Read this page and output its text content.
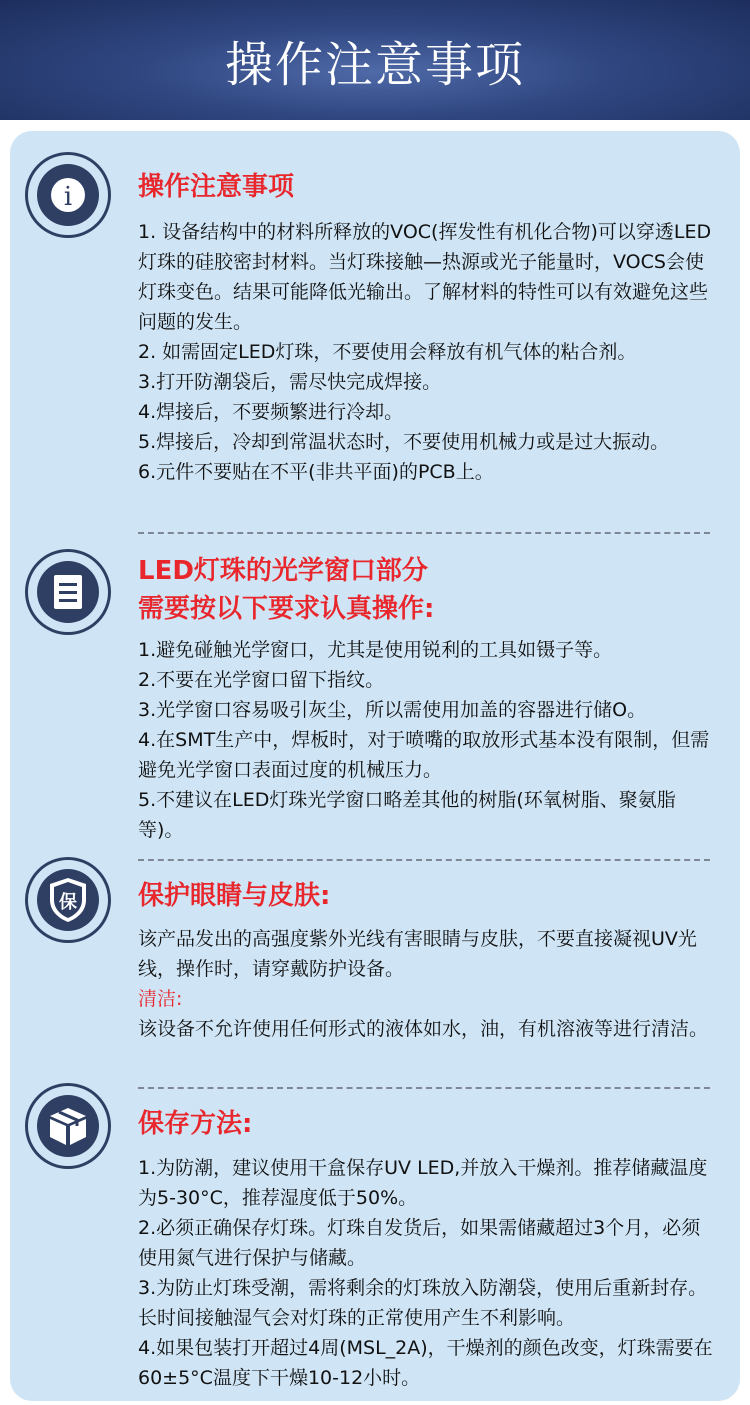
操作注意事项
i	操作注意事项

1. 设备结构中的材料所释放的VOC(挥发性有机化合物)可以穿透LED灯珠的硅胶密封材料。当灯珠接触—热源或光子能量时，VOCS会使灯珠变色。结果可能降低光输出。了解材料的特性可以有效避免这些问题的发生。

2. 如需固定LED灯珠，不要使用会释放有机气体的粘合剂。

3.打开防潮袋后，需尽快完成焊接。

4.焊接后，不要频繁进行冷却。

5.焊接后，冷却到常温状态时，不要使用机械力或是过大振动。

6.元件不要贴在不平(非共平面)的PCB上。

LED灯珠的光学窗口部分
需要按以下要求认真操作:

1.避免碰触光学窗口，尤其是使用锐利的工具如镊子等。

2.不要在光学窗口留下指纹。

3.光学窗口容易吸引灰尘，所以需使用加盖的容器进行储O。

4.在SMT生产中，焊板时，对于喷嘴的取放形式基本没有限制，但需避免光学窗口表面过度的机械压力。

5.不建议在LED灯珠光学窗口略差其他的树脂(环氧树脂、聚氨脂等)。

保 保护眼睛与皮肤:

该产品发出的高强度紫外光线有害眼睛与皮肤，不要直接凝视UV光线，操作时，请穿戴防护设备。

清洁:

该设备不允许使用任何形式的液体如水，油，有机溶液等进行清洁。

保存方法:

1.为防潮，建议使用干盒保存UV LED,并放入干燥剂。推荐储藏温度为5-30°C，推荐湿度低于50%。

2.必须正确保存灯珠。灯珠自发货后，如果需储藏超过3个月，必须使用氮气进行保护与储藏。

3.为防止灯珠受潮，需将剩余的灯珠放入防潮袋，使用后重新封存。长时间接触湿气会对灯珠的正常使用产生不利影响。

4.如果包装打开超过4周(MSL_2A)，干燥剂的颜色改变，灯珠需要在60±5°C温度下干燥10-12小时。
